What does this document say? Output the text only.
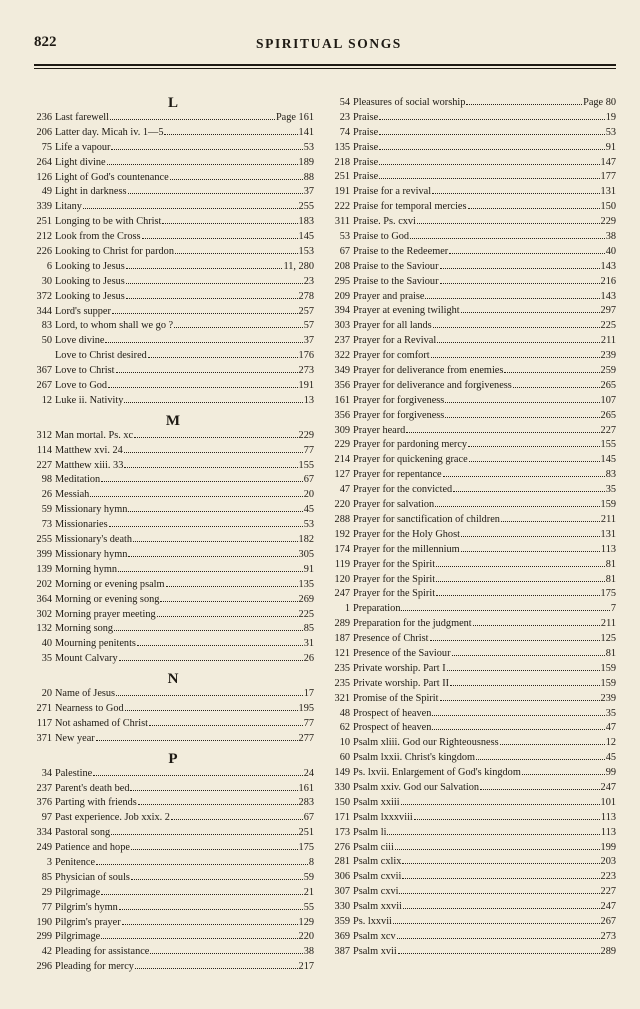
822	SPIRITUAL SONGS
L
236 Last farewell	Page 161
206 Latter day. Micah iv. 1—5	141
75 Life a vapour	53
264 Light divine	189
126 Light of God's countenance	88
49 Light in darkness	37
339 Litany	255
251 Longing to be with Christ	183
212 Look from the Cross	145
226 Looking to Christ for pardon	153
6 Looking to Jesus	11, 280
30 Looking to Jesus	23
372 Looking to Jesus	278
344 Lord's supper	257
83 Lord, to whom shall we go ?	57
50 Love divine	37
Love to Christ desired	176
367 Love to Christ	273
267 Love to God	191
12 Luke ii. Nativity	13
M
312 Man mortal. Ps. xc	229
114 Matthew xvi. 24	77
227 Matthew xiii. 33	155
98 Meditation	67
26 Messiah	20
59 Missionary hymn	45
73 Missionaries	53
255 Missionary's death	182
399 Missionary hymn	305
139 Morning hymn	91
202 Morning or evening psalm	135
364 Morning or evening song	269
302 Morning prayer meeting	225
132 Morning song	85
40 Mourning penitents	31
35 Mount Calvary	26
N
20 Name of Jesus	17
271 Nearness to God	195
117 Not ashamed of Christ	77
371 New year	277
P
34 Palestine	24
237 Parent's death bed	161
376 Parting with friends	283
97 Past experience. Job xxix. 2	67
334 Pastoral song	251
249 Patience and hope	175
3 Penitence	8
85 Physician of souls	59
29 Pilgrimage	21
77 Pilgrim's hymn	55
190 Pilgrim's prayer	129
299 Pilgrimage	220
42 Pleading for assistance	38
296 Pleading for mercy	217
54 Pleasures of social worship	Page 80
23 Praise	19
74 Praise	53
135 Praise	91
218 Praise	147
251 Praise	177
191 Praise for a revival	131
222 Praise for temporal mercies	150
311 Praise. Ps. cxvi	229
53 Praise to God	38
67 Praise to the Redeemer	40
208 Praise to the Saviour	143
295 Praise to the Saviour	216
209 Prayer and praise	143
394 Prayer at evening twilight	297
303 Prayer for all lands	225
237 Prayer for a Revival	211
322 Prayer for comfort	239
349 Prayer for deliverance from enemies	259
356 Prayer for deliverance and forgiveness	265
161 Prayer for forgiveness	107
356 Prayer for forgiveness	265
309 Prayer heard	227
229 Prayer for pardoning mercy	155
214 Prayer for quickening grace	145
127 Prayer for repentance	83
47 Prayer for the convicted	35
220 Prayer for salvation	159
288 Prayer for sanctification of children	211
192 Prayer for the Holy Ghost	131
174 Prayer for the millennium	113
119 Prayer for the Spirit	81
120 Prayer for the Spirit	81
247 Prayer for the Spirit	175
1 Preparation	7
289 Preparation for the judgment	211
187 Presence of Christ	125
121 Presence of the Saviour	81
235 Private worship. Part I	159
235 Private worship. Part II	159
321 Promise of the Spirit	239
48 Prospect of heaven	35
62 Prospect of heaven	47
10 Psalm xliii. God our Righteousness	12
60 Psalm lxxii. Christ's kingdom	45
149 Ps. lxvii. Enlargement of God's kingdom	99
330 Psalm xxiv. God our Salvation	247
150 Psalm xxiii	101
171 Psalm lxxxviii	113
173 Psalm li	113
276 Psalm ciii	199
281 Psalm cxlix	203
306 Psalm cxvii	223
307 Psalm cxvi	227
330 Psalm xxvii	247
359 Ps. lxxvii	267
369 Psalm xcv	273
387 Psalm xvii	289
